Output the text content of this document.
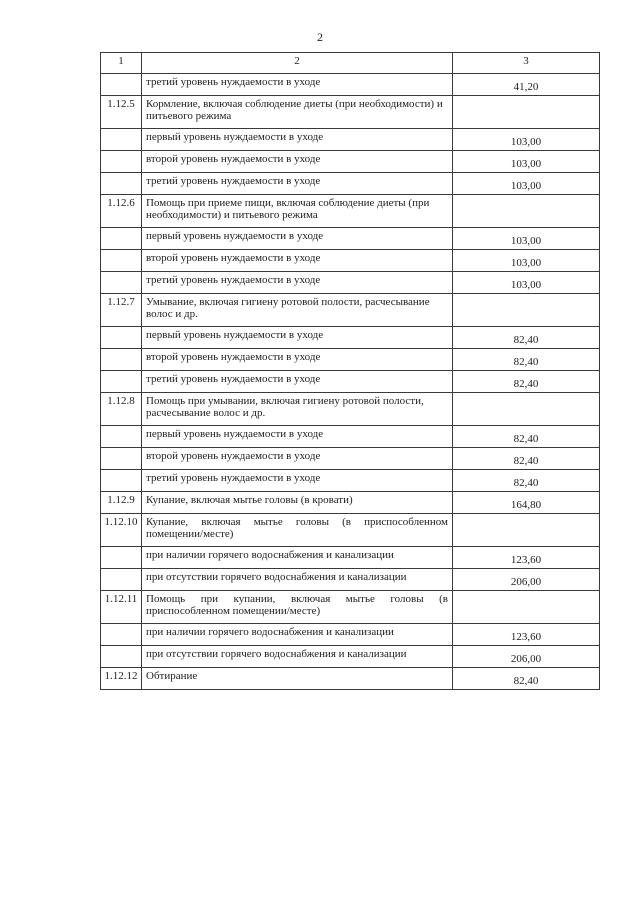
2
1	2	3
	третий уровень нуждаемости в уходе	41,20
1.12.5	Кормление, включая соблюдение диеты (при необходимости) и питьевого режима	
	первый уровень нуждаемости в уходе	103,00
	второй уровень нуждаемости в уходе	103,00
	третий уровень нуждаемости в уходе	103,00
1.12.6	Помощь при приеме пищи, включая соблюдение диеты (при необходимости) и питьевого режима	
	первый уровень нуждаемости в уходе	103,00
	второй уровень нуждаемости в уходе	103,00
	третий уровень нуждаемости в уходе	103,00
1.12.7	Умывание, включая гигиену ротовой полости, расчесывание волос и др.	
	первый уровень нуждаемости в уходе	82,40
	второй уровень нуждаемости в уходе	82,40
	третий уровень нуждаемости в уходе	82,40
1.12.8	Помощь при умывании, включая гигиену ротовой полости, расчесывание волос и др.	
	первый уровень нуждаемости в уходе	82,40
	второй уровень нуждаемости в уходе	82,40
	третий уровень нуждаемости в уходе	82,40
1.12.9	Купание, включая мытье головы (в кровати)	164,80
1.12.10	Купание, включая мытье головы (в приспособленном помещении/месте)	
	при наличии горячего водоснабжения и канализации	123,60
	при отсутствии горячего водоснабжения и канализации	206,00
1.12.11	Помощь при купании, включая мытье головы (в приспособленном помещении/месте)	
	при наличии горячего водоснабжения и канализации	123,60
	при отсутствии горячего водоснабжения и канализации	206,00
1.12.12	Обтирание	82,40
